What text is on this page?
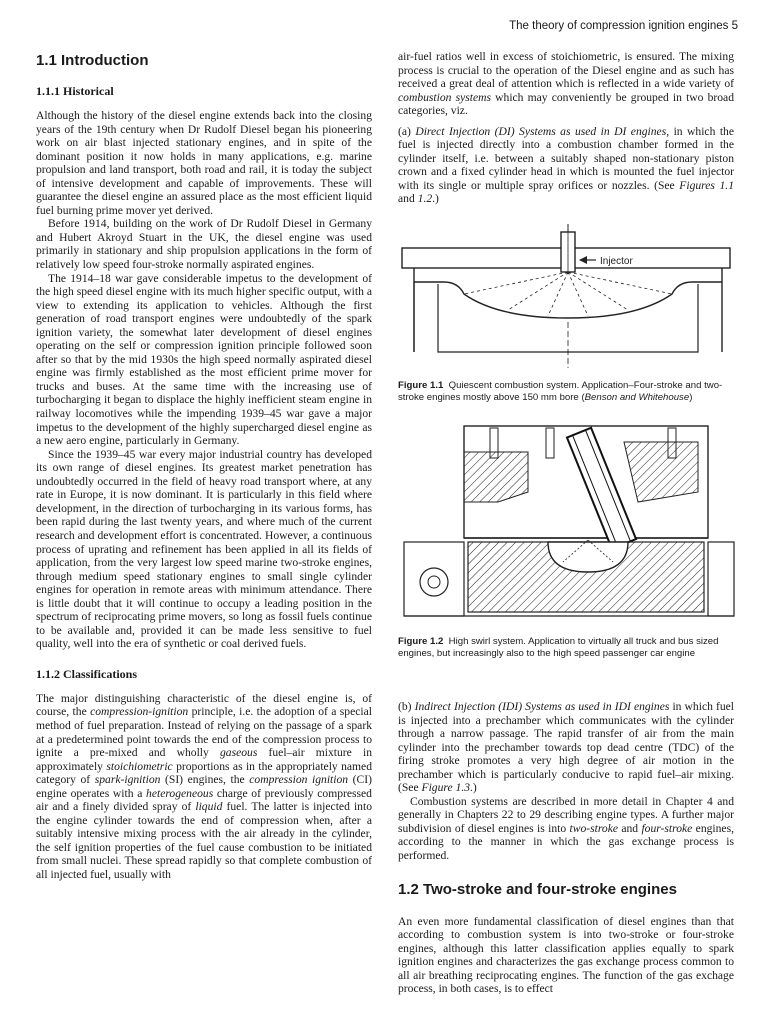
The theory of compression ignition engines 5
1.1 Introduction
1.1.1 Historical

Although the history of the diesel engine extends back into the closing years of the 19th century when Dr Rudolf Diesel began his pioneering work on air blast injected stationary engines, and in spite of the dominant position it now holds in many applications, e.g. marine propulsion and land transport, both road and rail, it is today the subject of intensive development and capable of improvements. These will guarantee the diesel engine an assured place as the most efficient liquid fuel burning prime mover yet derived.

Before 1914, building on the work of Dr Rudolf Diesel in Germany and Hubert Akroyd Stuart in the UK, the diesel engine was used primarily in stationary and ship propulsion applications in the form of relatively low speed four-stroke normally aspirated engines.

The 1914–18 war gave considerable impetus to the development of the high speed diesel engine with its much higher specific output, with a view to extending its application to vehicles. Although the first generation of road transport engines were undoubtedly of the spark ignition variety, the somewhat later development of diesel engines operating on the self or compression ignition principle followed soon after so that by the mid 1930s the high speed normally aspirated diesel engine was firmly established as the most efficient prime mover for trucks and buses. At the same time with the increasing use of turbocharging it began to displace the highly inefficient steam engine in railway locomotives while the impending 1939–45 war gave a major impetus to the development of the highly supercharged diesel engine as a new aero engine, particularly in Germany.

Since the 1939–45 war every major industrial country has developed its own range of diesel engines. Its greatest market penetration has undoubtedly occurred in the field of heavy road transport where, at any rate in Europe, it is now dominant. It is particularly in this field where development, in the direction of turbocharging in its various forms, has been rapid during the last twenty years, and where much of the current research and development effort is concentrated. However, a continuous process of uprating and refinement has been applied in all its fields of application, from the very largest low speed marine two-stroke engines, through medium speed stationary engines to small single cylinder engines for operation in remote areas with minimum attendance. There is little doubt that it will continue to occupy a leading position in the spectrum of reciprocating prime movers, so long as fossil fuels continue to be available and, provided it can be made less sensitive to fuel quality, well into the era of synthetic or coal derived fuels.

1.1.2 Classifications

The major distinguishing characteristic of the diesel engine is, of course, the compression-ignition principle, i.e. the adoption of a special method of fuel preparation. Instead of relying on the passage of a spark at a predetermined point towards the end of the compression process to ignite a pre-mixed and wholly gaseous fuel–air mixture in approximately stoichiometric proportions as in the appropriately named category of spark-ignition (SI) engines, the compression ignition (CI) engine operates with a heterogeneous charge of previously compressed air and a finely divided spray of liquid fuel. The latter is injected into the engine cylinder towards the end of compression when, after a suitably intensive mixing process with the air already in the cylinder, the self ignition properties of the fuel cause combustion to be initiated from small nuclei. These spread rapidly so that complete combustion of all injected fuel, usually with

air-fuel ratios well in excess of stoichiometric, is ensured. The mixing process is crucial to the operation of the Diesel engine and as such has received a great deal of attention which is reflected in a wide variety of combustion systems which may conveniently be grouped in two broad categories, viz.

(a) Direct Injection (DI) Systems as used in DI engines, in which the fuel is injected directly into a combustion chamber formed in the cylinder itself, i.e. between a suitably shaped non-stationary piston crown and a fixed cylinder head in which is mounted the fuel injector with its single or multiple spray orifices or nozzles. (See Figures 1.1 and 1.2.)

Injector
Figure 1.1 Quiescent combustion system. Application–Four-stroke and two-stroke engines mostly above 150 mm bore (Benson and Whitehouse)
Figure 1.2 High swirl system. Application to virtually all truck and bus sized engines, but increasingly also to the high speed passenger car engine

(b) Indirect Injection (IDI) Systems as used in IDI engines in which fuel is injected into a prechamber which communicates with the cylinder through a narrow passage. The rapid transfer of air from the main cylinder into the prechamber towards top dead centre (TDC) of the firing stroke promotes a very high degree of air motion in the prechamber which is particularly conducive to rapid fuel–air mixing. (See Figure 1.3.)

Combustion systems are described in more detail in Chapter 4 and generally in Chapters 22 to 29 describing engine types. A further major subdivision of diesel engines is into two-stroke and four-stroke engines, according to the manner in which the gas exchange process is performed.

1.2 Two-stroke and four-stroke engines

An even more fundamental classification of diesel engines than that according to combustion system is into two-stroke or four-stroke engines, although this latter classification applies equally to spark ignition engines and characterizes the gas exchange process common to all air breathing reciprocating engines. The function of the gas exchage process, in both cases, is to effect
